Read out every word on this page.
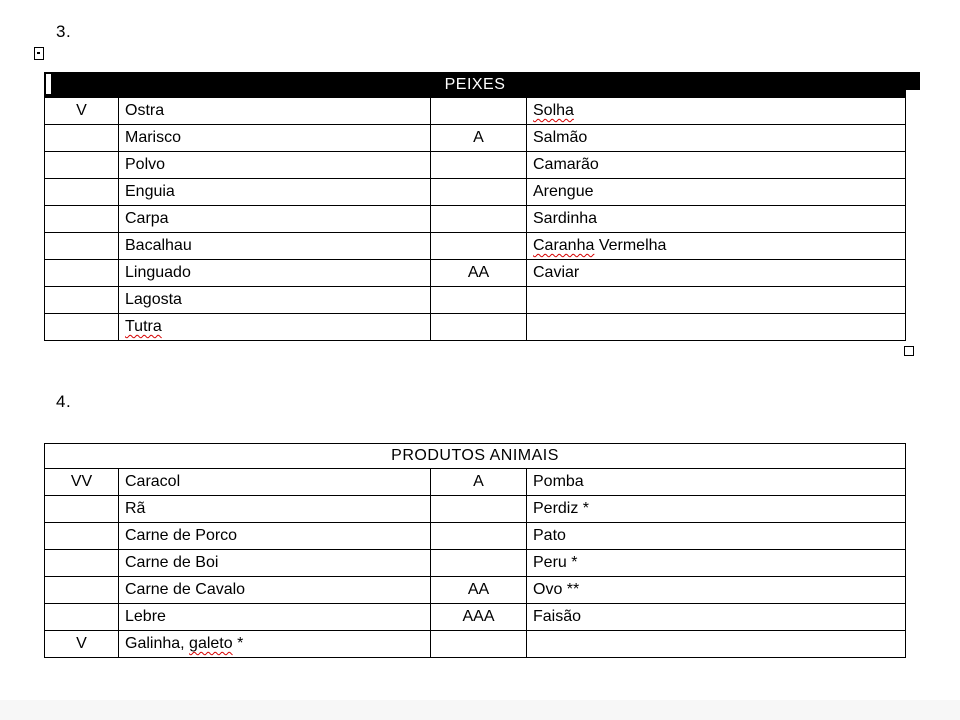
3.
PEIXES			
V	Ostra		Solha
	Marisco	A	Salmão
	Polvo		Camarão
	Enguia		Arengue
	Carpa		Sardinha
	Bacalhau		Caranha Vermelha
	Linguado	AA	Caviar
	Lagosta		
	Tutra		
4.
PRODUTOS ANIMAIS			
VV	Caracol	A	Pomba
	Rã		Perdiz *
	Carne de Porco		Pato
	Carne de Boi		Peru *
	Carne de Cavalo	AA	Ovo **
	Lebre	AAA	Faisão
V	Galinha, galeto *		
